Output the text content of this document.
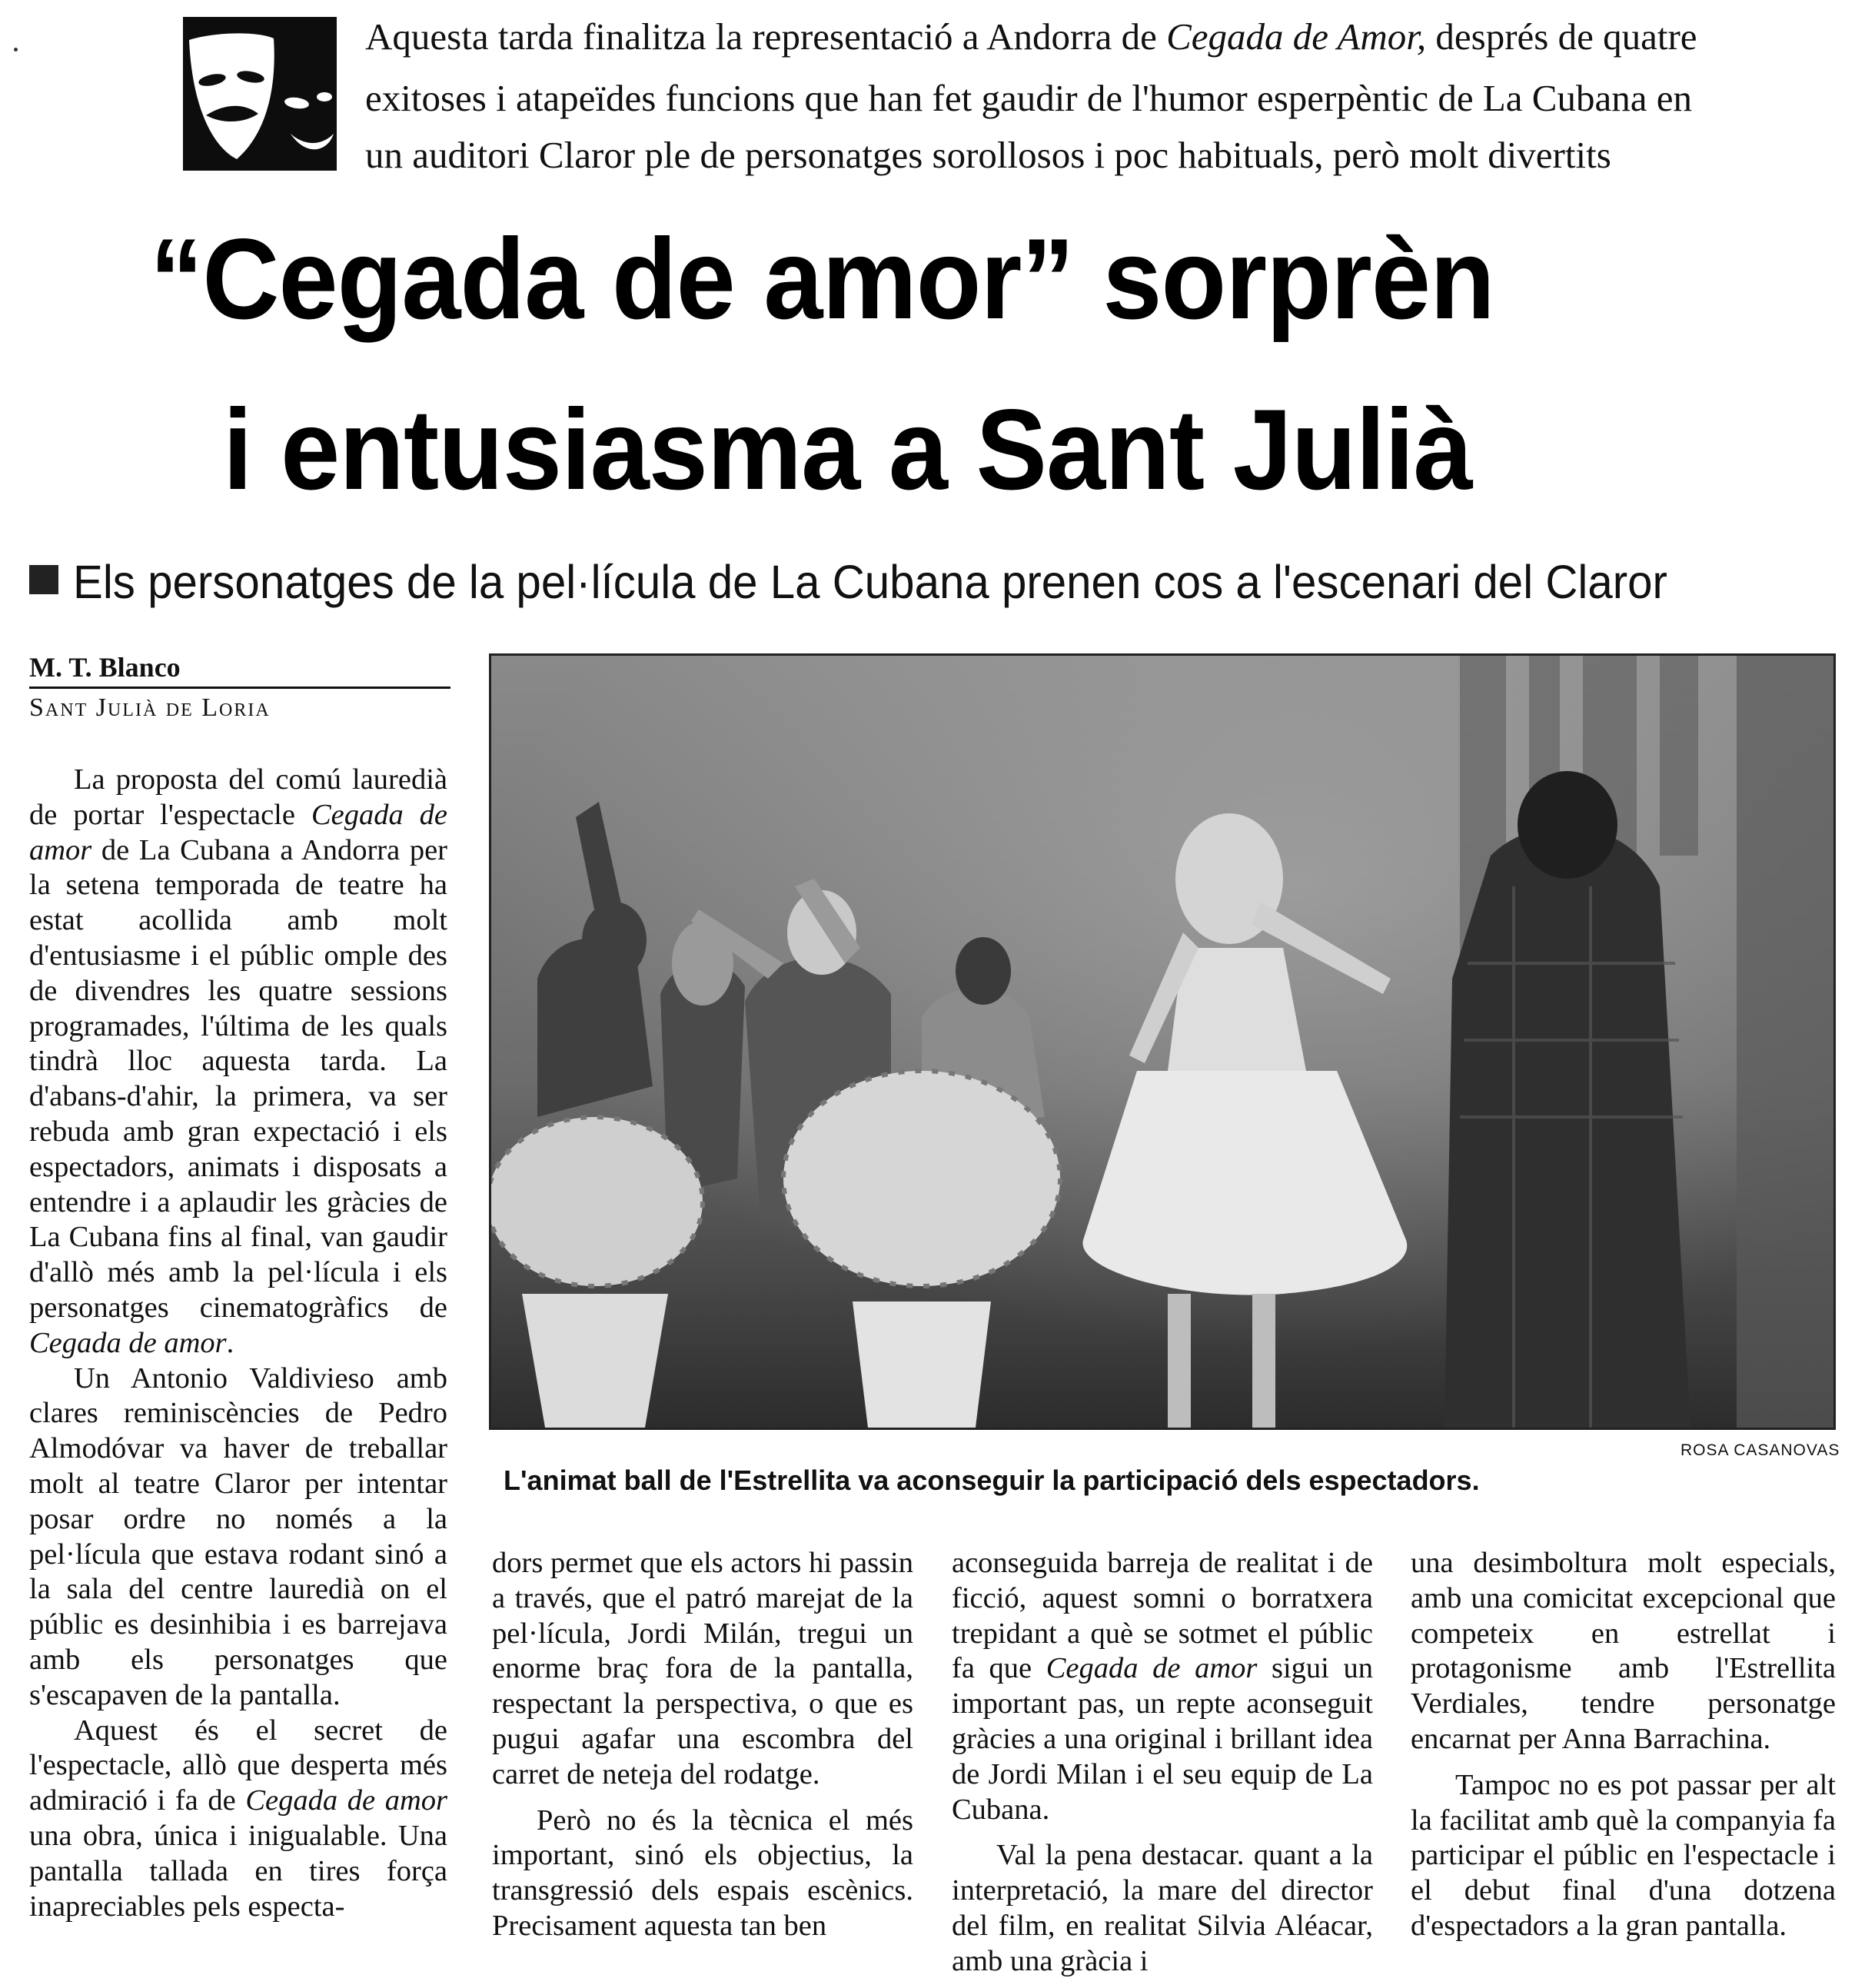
Aquesta tarda finalitza la representació a Andorra de Cegada de Amor, després de quatre
exitoses i atapeïdes funcions que han fet gaudir de l'humor esperpèntic de La Cubana en
un auditori Claror ple de personatges sorollosos i poc habituals, però molt divertits
“Cegada de amor” sorprèn
i entusiasma a Sant Julià
Els personatges de la pel·lícula de La Cubana prenen cos a l'escenari del Claror
M. T. Blanco
Sant Julià de Loria
ROSA CASANOVAS
L'animat ball de l'Estrellita va aconseguir la participació dels espectadors.

La proposta del comú lauredià de portar l'espectacle Cegada de amor de La Cubana a Andorra per la setena temporada de teatre ha estat acollida amb molt d'entusiasme i el públic omple des de divendres les quatre sessions programades, l'última de les quals tindrà lloc aquesta tarda. La d'abans-d'ahir, la primera, va ser rebuda amb gran expectació i els espectadors, animats i disposats a entendre i a aplaudir les gràcies de La Cubana fins al final, van gaudir d'allò més amb la pel·lícula i els personatges cinematogràfics de Cegada de amor.

Un Antonio Valdivieso amb clares reminiscències de Pedro Almodóvar va haver de treballar molt al teatre Claror per intentar posar ordre no només a la pel·lícula que estava rodant sinó a la sala del centre lauredià on el públic es desinhibia i es barrejava amb els personatges que s'escapaven de la pantalla.

Aquest és el secret de l'espectacle, allò que desperta més admiració i fa de Cegada de amor una obra, única i inigualable. Una pantalla tallada en tires força inapreciables pels especta-

dors permet que els actors hi passin a través, que el patró marejat de la pel·lícula, Jordi Milán, tregui un enorme braç fora de la pantalla, respectant la perspectiva, o que es pugui agafar una escombra del carret de neteja del rodatge.

Però no és la tècnica el més important, sinó els objectius, la transgressió dels espais escènics. Precisament aquesta tan ben

aconseguida barreja de realitat i de ficció, aquest somni o borratxera trepidant a què se sotmet el públic fa que Cegada de amor sigui un important pas, un repte aconseguit gràcies a una original i brillant idea de Jordi Milan i el seu equip de La Cubana.

Val la pena destacar. quant a la interpretació, la mare del director del film, en realitat Silvia Aléacar, amb una gràcia i

una desimboltura molt especials, amb una comicitat excepcional que competeix en estrellat i protagonisme amb l'Estrellita Verdiales, tendre personatge encarnat per Anna Barrachina.

Tampoc no es pot passar per alt la facilitat amb què la companyia fa participar el públic en l'espectacle i el debut final d'una dotzena d'espectadors a la gran pantalla.
